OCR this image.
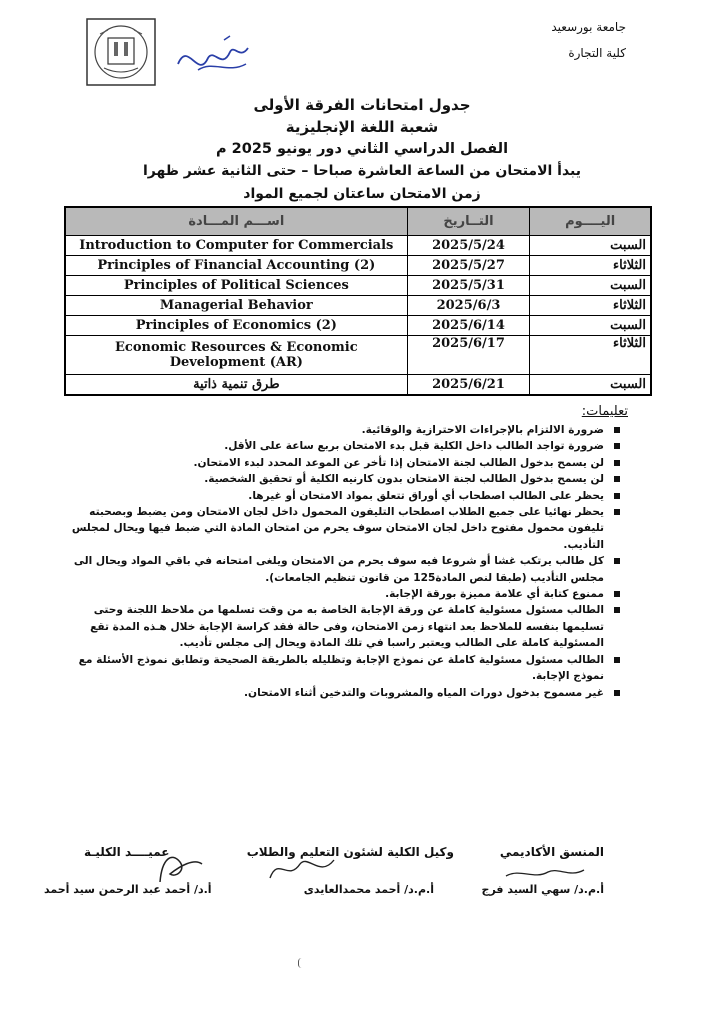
جامعة بورسعيد
كلية التجارة
جدول امتحانات الفرقة الأولى
شعبة اللغة الإنجليزية
الفصل الدراسي الثاني دور يونيو 2025 م
يبدأ الامتحان من الساعة العاشرة صباحا – حتى الثانية عشر ظهرا
زمن الامتحان ساعتان لجميع المواد
اســـم المـــادة	التــاريخ	اليــــوم
Introduction to Computer for Commercials	2025/5/24	السبت
Principles of Financial Accounting (2)	2025/5/27	الثلاثاء
Principles of Political Sciences	2025/5/31	السبت
Managerial Behavior	2025/6/3	الثلاثاء
Principles of Economics (2)	2025/6/14	السبت
Economic Resources & Economic Development (AR)	2025/6/17	الثلاثاء
طرق تنمية ذاتية	2025/6/21	السبت
تعليمات:
ضرورة الالتزام بالإجراءات الاحترازية والوقائية.
ضرورة تواجد الطالب داخل الكلية قبل بدء الامتحان بربع ساعة على الأقل.
لن يسمح بدخول الطالب لجنة الامتحان إذا تأخر عن الموعد المحدد لبدء الامتحان.
لن يسمح بدخول الطالب لجنة الامتحان بدون كارنيه الكلية أو تحقيق الشخصية.
يحظر على الطالب اصطحاب أي أوراق تتعلق بمواد الامتحان أو غيرها.
يحظر نهائيا على جميع الطلاب اصطحاب التليفون المحمول داخل لجان الامتحان ومن يضبط وبصحبته تليفون محمول مفتوح داخل لجان الامتحان سوف يحرم من امتحان المادة التي ضبط فيها ويحال لمجلس التأديب.
كل طالب يرتكب غشا أو شروعا فيه سوف يحرم من الامتحان ويلغى امتحانه في باقي المواد ويحال الى مجلس التأديب (طبقا لنص المادة125 من قانون تنظيم الجامعات).
ممنوع كتابة أي علامة مميزة بورقة الإجابة.
الطالب مسئول مسئولية كاملة عن ورقة الإجابة الخاصة به من وقت تسلمها من ملاحظ اللجنة وحتى تسليمها بنفسه للملاحظ بعد انتهاء زمن الامتحان، وفى حالة فقد كراسة الإجابة خلال هـذه المدة تقع المسئولية كاملة على الطالب ويعتبر راسبا في تلك المادة ويحال إلى مجلس تأديب.
الطالب مسئول مسئولية كاملة عن نموذج الإجابة وتظليله بالطريقة الصحيحة وتطابق نموذج الأسئلة مع نموذج الإجابة.
غير مسموح بدخول دورات المياه والمشروبات والتدخين أثناء الامتحان.
المنسق الأكاديمي
وكيل الكلية لشئون التعليم والطلاب
عميــــد الكليـة
أ.م.د/ سهي السيد فرج
أ.م.د/ أحمد محمدالعايدى
أ.د/ أحمد عبد الرحمن سيد أحمد
